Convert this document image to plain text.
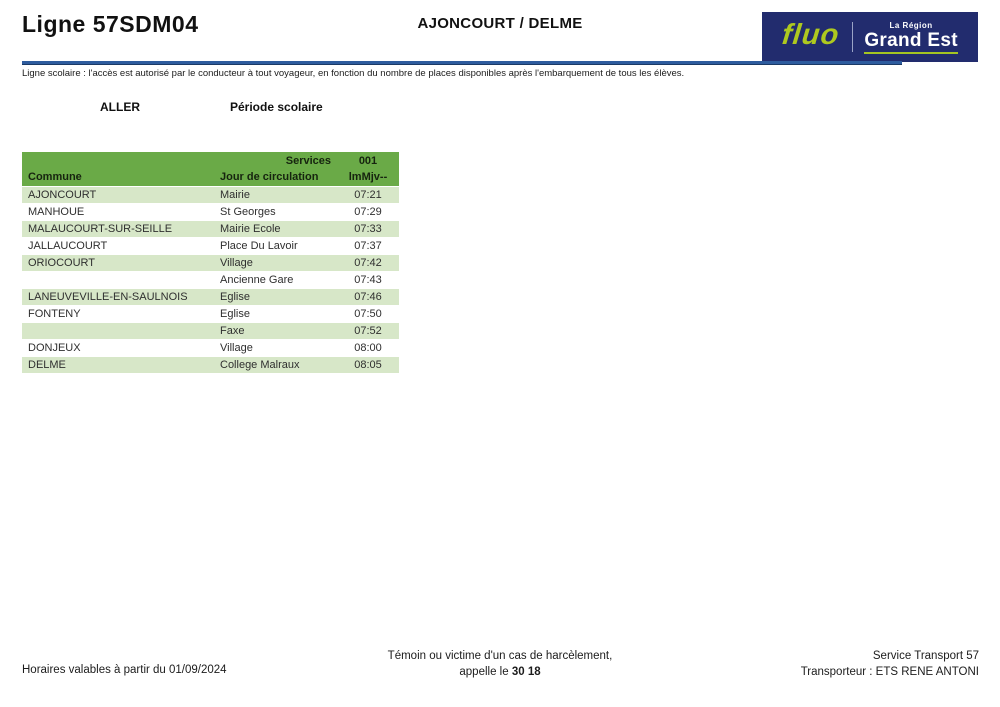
Ligne 57SDM04	AJONCOURT / DELME	fluo	La Région
Grand Est
Ligne scolaire : l'accès est autorisé par le conducteur à tout voyageur, en fonction du nombre de places disponibles après l'embarquement de tous les élèves.
ALLER	Période scolaire
	Services	001
Commune	Jour de circulation	lmMjv--
AJONCOURT	Mairie	07:21
MANHOUE	St Georges	07:29
MALAUCOURT-SUR-SEILLE	Mairie Ecole	07:33
JALLAUCOURT	Place Du Lavoir	07:37
ORIOCOURT	Village	07:42
	Ancienne Gare	07:43
LANEUVEVILLE-EN-SAULNOIS	Eglise	07:46
FONTENY	Eglise	07:50
	Faxe	07:52
DONJEUX	Village	08:00
DELME	College Malraux	08:05
Horaires valables à partir du 01/09/2024
Témoin ou victime d'un cas de harcèlement,
appelle le 30 18
Service Transport 57
Transporteur : ETS RENE ANTONI
